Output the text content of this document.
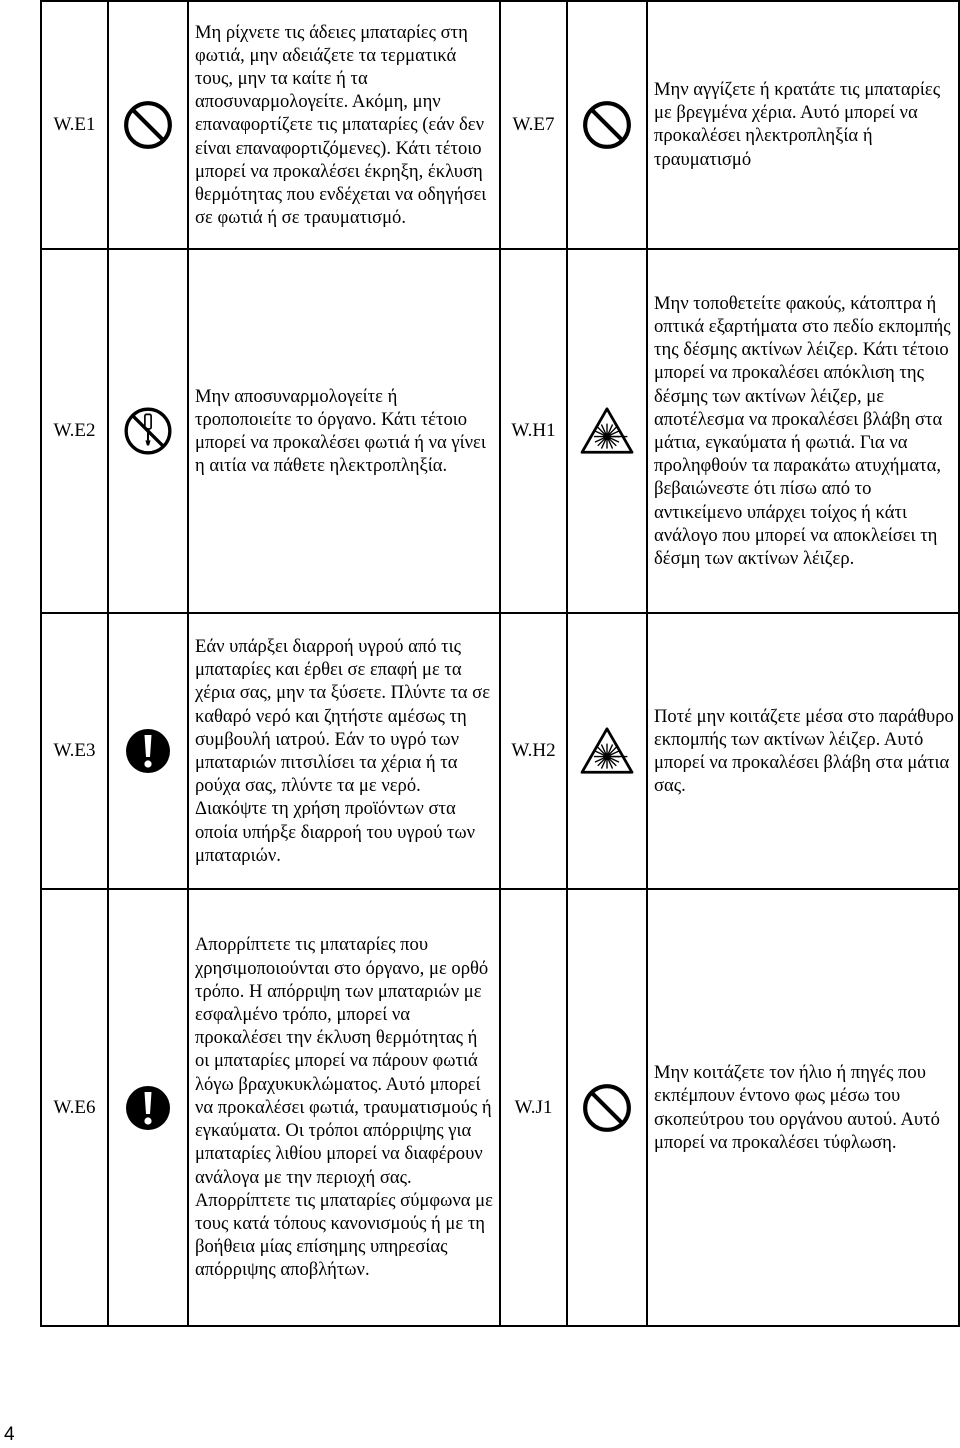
W.E1		Μη ρίχνετε τις άδειες μπαταρίες στη φωτιά, μην αδειάζετε τα τερματικά τους, μην τα καίτε ή τα αποσυναρμολογείτε. Ακόμη, μην επαναφορτίζετε τις μπαταρίες (εάν δεν είναι επαναφορτιζόμενες). Κάτι τέτοιο μπορεί να προκαλέσει έκρηξη, έκλυση θερμότητας που ενδέχεται να οδηγήσει σε φωτιά ή σε τραυματισμό.	W.E7		Μην αγγίζετε ή κρατάτε τις μπαταρίες με βρεγμένα χέρια. Αυτό μπορεί να προκαλέσει ηλεκτροπληξία ή τραυματισμό
W.E2		Μην αποσυναρμολογείτε ή τροποποιείτε το όργανο. Κάτι τέτοιο μπορεί να προκαλέσει φωτιά ή να γίνει η αιτία να πάθετε ηλεκτροπληξία.	W.H1		Μην τοποθετείτε φακούς, κάτοπτρα ή οπτικά εξαρτήματα στο πεδίο εκπομπής της δέσμης ακτίνων λέιζερ. Κάτι τέτοιο μπορεί να προκαλέσει απόκλιση της δέσμης των ακτίνων λέιζερ, με αποτέλεσμα να προκαλέσει βλάβη στα μάτια, εγκαύματα ή φωτιά. Για να προληφθούν τα παρακάτω ατυχήματα, βεβαιώνεστε ότι πίσω από το αντικείμενο υπάρχει τοίχος ή κάτι ανάλογο που μπορεί να αποκλείσει τη δέσμη των ακτίνων λέιζερ.
W.E3		Εάν υπάρξει διαρροή υγρού από τις μπαταρίες και έρθει σε επαφή με τα χέρια σας, μην τα ξύσετε. Πλύντε τα σε καθαρό νερό και ζητήστε αμέσως τη συμβουλή ιατρού. Εάν το υγρό των μπαταριών πιτσιλίσει τα χέρια ή τα ρούχα σας, πλύντε τα με νερό. Διακόψτε τη χρήση προϊόντων στα οποία υπήρξε διαρροή του υγρού των μπαταριών.	W.H2		Ποτέ μην κοιτάζετε μέσα στο παράθυρο εκπομπής των ακτίνων λέιζερ. Αυτό μπορεί να προκαλέσει βλάβη στα μάτια σας.
W.E6		Απορρίπτετε τις μπαταρίες που χρησιμοποιούνται στο όργανο, με ορθό τρόπο. Η απόρριψη των μπαταριών με εσφαλμένο τρόπο, μπορεί να προκαλέσει την έκλυση θερμότητας ή οι μπαταρίες μπορεί να πάρουν φωτιά λόγω βραχυκυκλώματος. Αυτό μπορεί να προκαλέσει φωτιά, τραυματισμούς ή εγκαύματα. Οι τρόποι απόρριψης για μπαταρίες λιθίου μπορεί να διαφέρουν ανάλογα με την περιοχή σας. Απορρίπτετε τις μπαταρίες σύμφωνα με τους κατά τόπους κανονισμούς ή με τη βοήθεια μίας επίσημης υπηρεσίας απόρριψης αποβλήτων.	W.J1		Μην κοιτάζετε τον ήλιο ή πηγές που εκπέμπουν έντονο φως μέσω του σκοπεύτρου του οργάνου αυτού. Αυτό μπορεί να προκαλέσει τύφλωση.
4
